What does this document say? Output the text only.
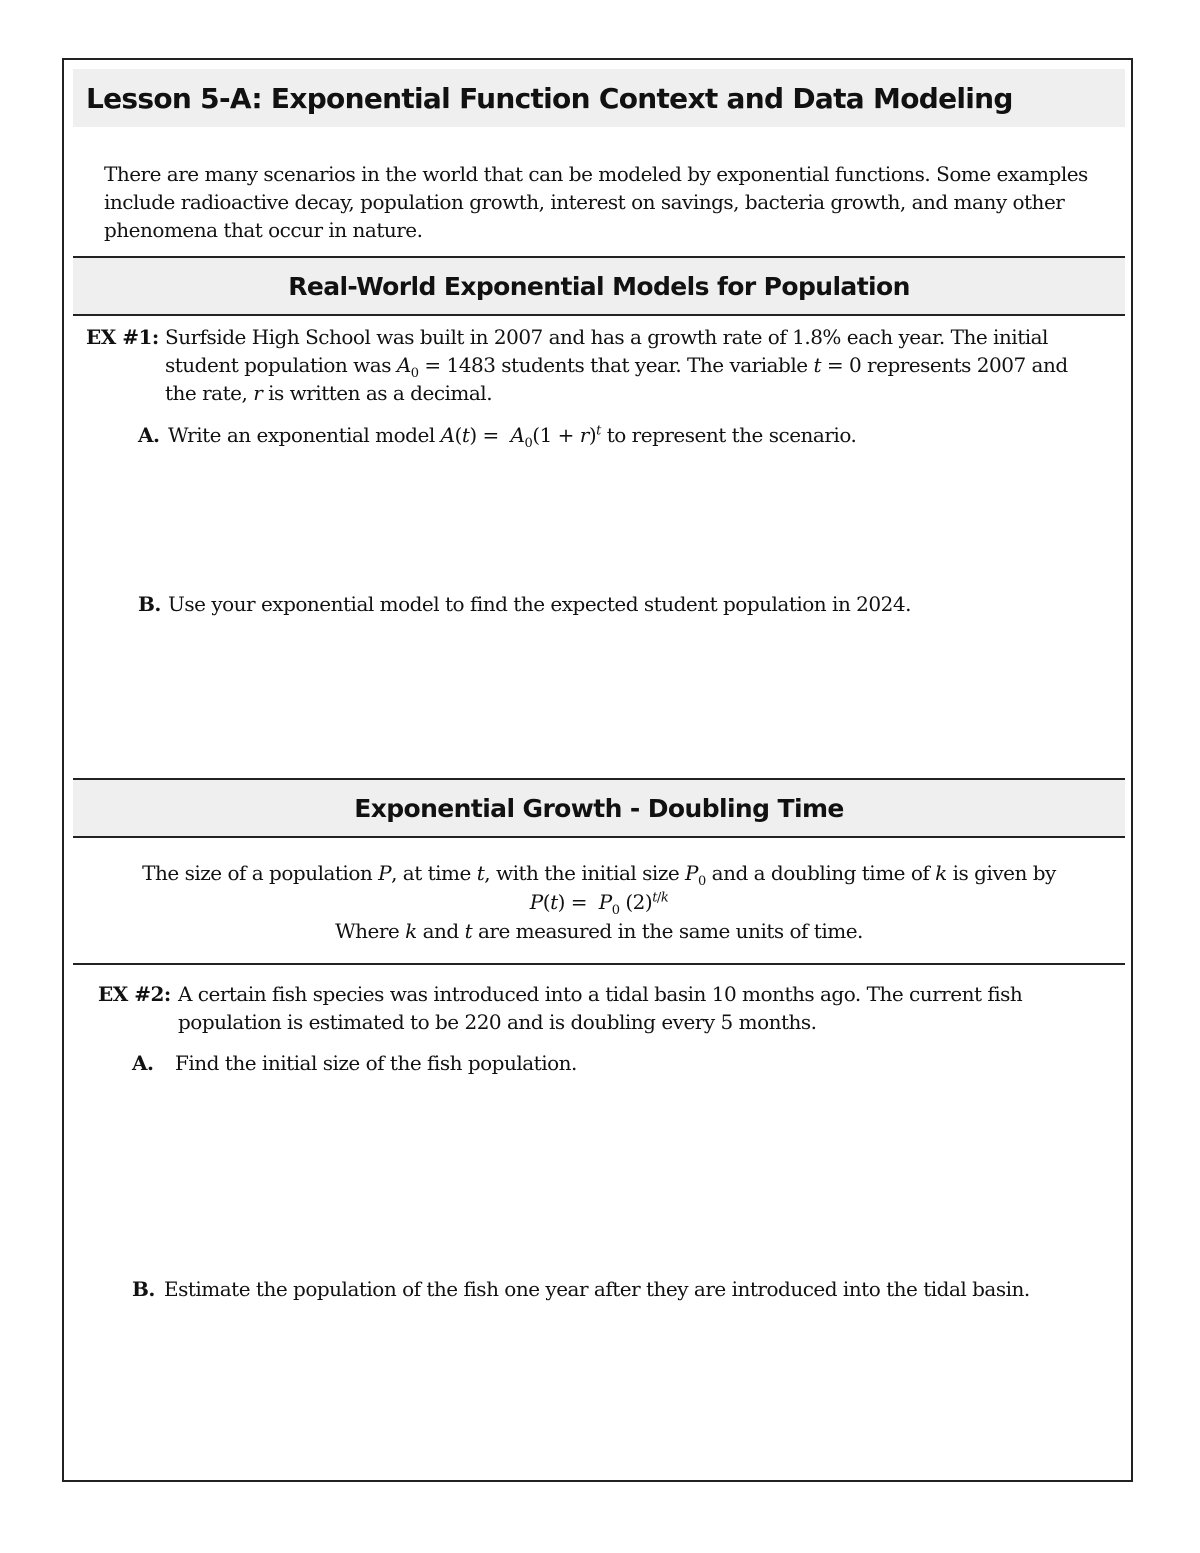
Lesson 5-A: Exponential Function Context and Data Modeling
There are many scenarios in the world that can be modeled by exponential functions. Some examples include radioactive decay, population growth, interest on savings, bacteria growth, and many other phenomena that occur in nature.
Real-World Exponential Models for Population
EX #1: Surfside High School was built in 2007 and has a growth rate of 1.8% each year. The initial student population was $A_0 = 1483$ students that year. The variable t = 0 represents 2007 and the rate, r is written as a decimal.
A. Write an exponential model $A(t) = A_0(1 + r)^t$ to represent the scenario.
B. Use your exponential model to find the expected student population in 2024.
Exponential Growth - Doubling Time
The size of a population P, at time t, with the initial size $P_0$ and a doubling time of k is given by
$P(t) = P_0$ $(2)^{t/k}$
Where k and t are measured in the same units of time.
EX #2: A certain fish species was introduced into a tidal basin 10 months ago. The current fish population is estimated to be 220 and is doubling every 5 months.
A. Find the initial size of the fish population.
B. Estimate the population of the fish one year after they are introduced into the tidal basin.
